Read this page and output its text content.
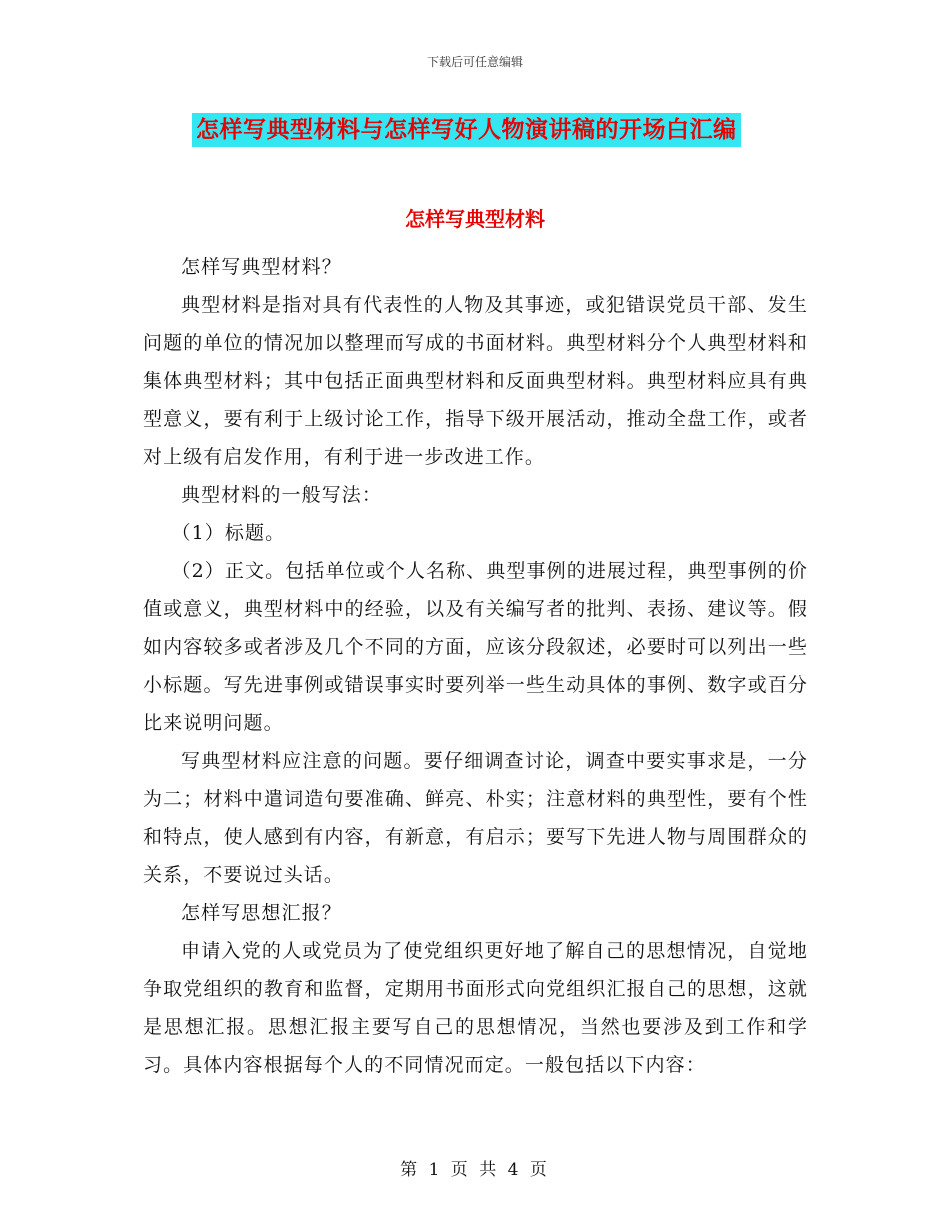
下载后可任意编辑
怎样写典型材料与怎样写好人物演讲稿的开场白汇编
怎样写典型材料

怎样写典型材料？

典型材料是指对具有代表性的人物及其事迹，或犯错误党员干部、发生问题的单位的情况加以整理而写成的书面材料。典型材料分个人典型材料和集体典型材料；其中包括正面典型材料和反面典型材料。典型材料应具有典型意义，要有利于上级讨论工作，指导下级开展活动，推动全盘工作，或者对上级有启发作用，有利于进一步改进工作。

典型材料的一般写法：

（1）标题。

（2）正文。包括单位或个人名称、典型事例的进展过程，典型事例的价值或意义，典型材料中的经验，以及有关编写者的批判、表扬、建议等。假如内容较多或者涉及几个不同的方面，应该分段叙述，必要时可以列出一些小标题。写先进事例或错误事实时要列举一些生动具体的事例、数字或百分比来说明问题。

写典型材料应注意的问题。要仔细调查讨论，调查中要实事求是，一分为二；材料中遣词造句要准确、鲜亮、朴实；注意材料的典型性，要有个性和特点，使人感到有内容，有新意，有启示；要写下先进人物与周围群众的关系，不要说过头话。

怎样写思想汇报？

申请入党的人或党员为了使党组织更好地了解自己的思想情况，自觉地争取党组织的教育和监督，定期用书面形式向党组织汇报自己的思想，这就是思想汇报。思想汇报主要写自己的思想情况，当然也要涉及到工作和学习。具体内容根据每个人的不同情况而定。一般包括以下内容：

第 1 页 共 4 页
